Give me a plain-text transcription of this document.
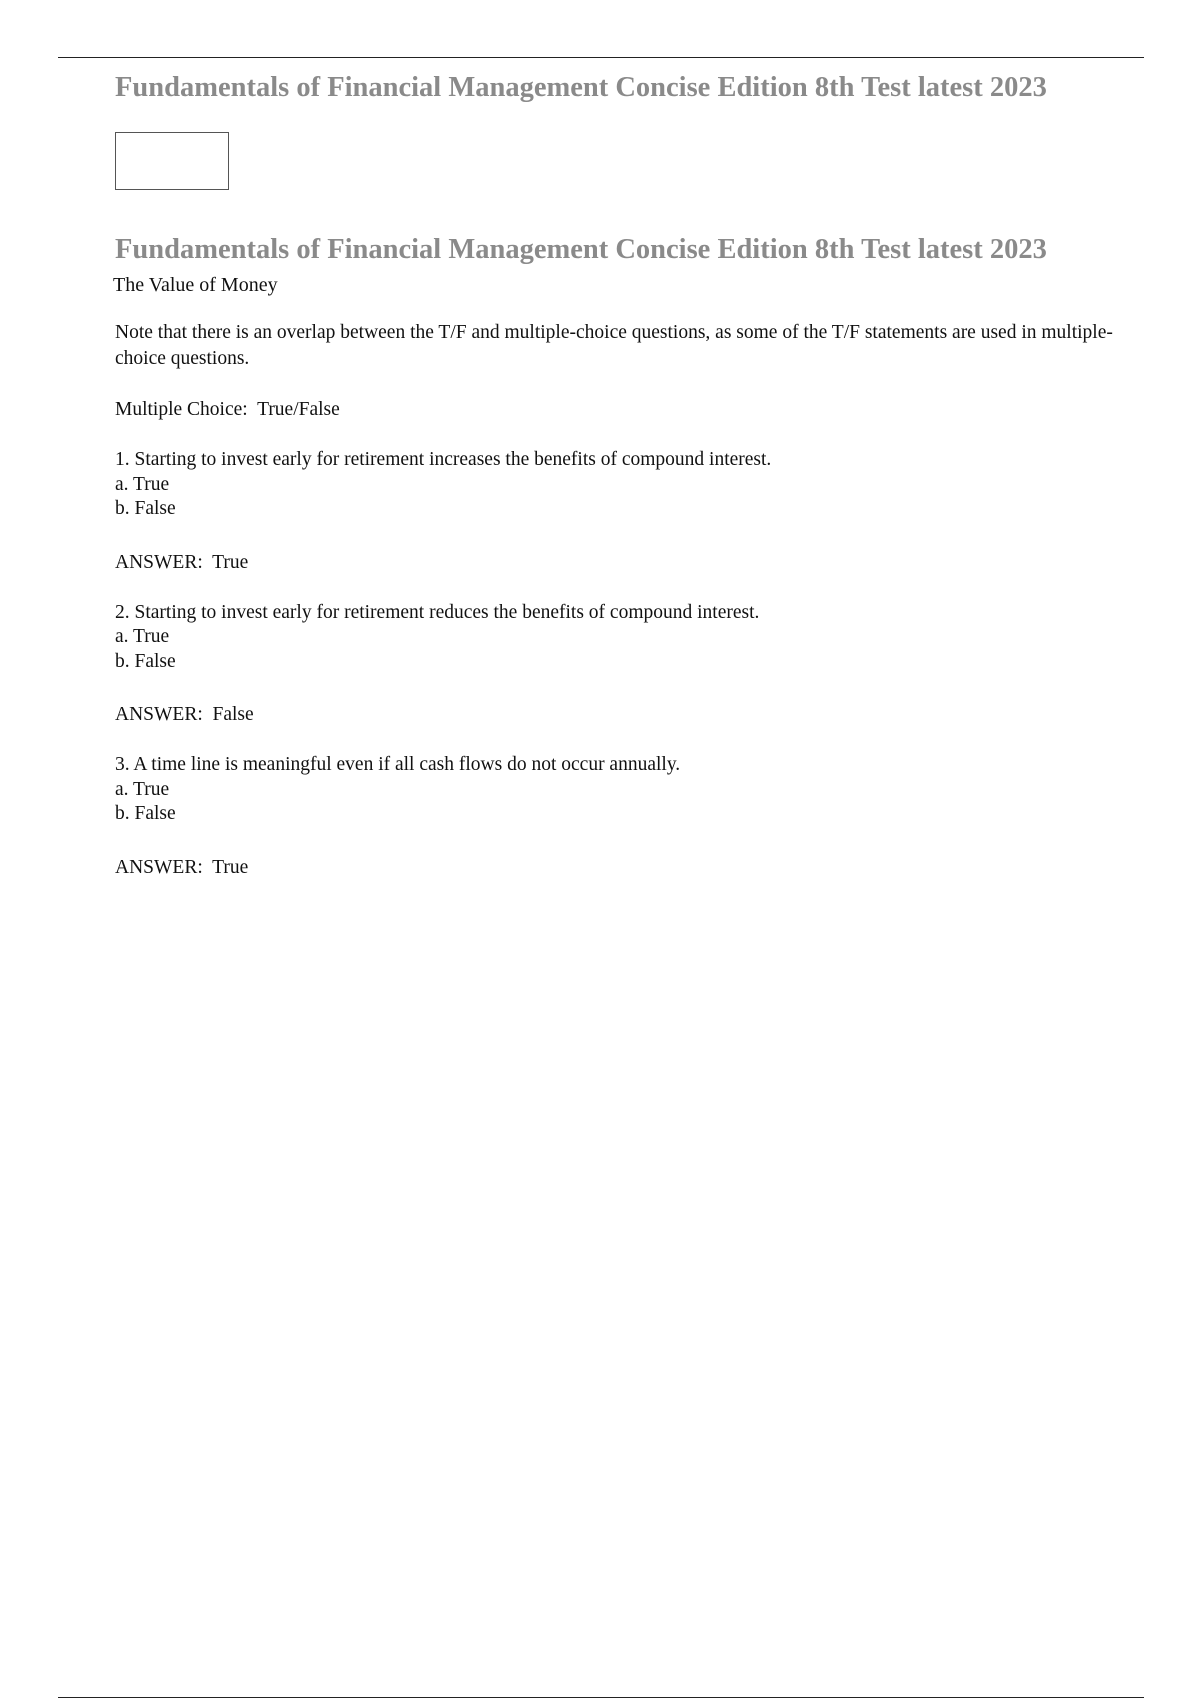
Fundamentals of Financial Management Concise Edition 8th Test latest 2023
Fundamentals of Financial Management Concise Edition 8th Test latest 2023
The Value of Money
Note that there is an overlap between the T/F and multiple-choice questions, as some of the T/F statements are used in multiple-choice questions.
Multiple Choice:  True/False
1. Starting to invest early for retirement increases the benefits of compound interest.
a. True
b. False
ANSWER:  True
2. Starting to invest early for retirement reduces the benefits of compound interest.
a. True
b. False
ANSWER:  False
3. A time line is meaningful even if all cash flows do not occur annually.
a. True
b. False
ANSWER:  True
